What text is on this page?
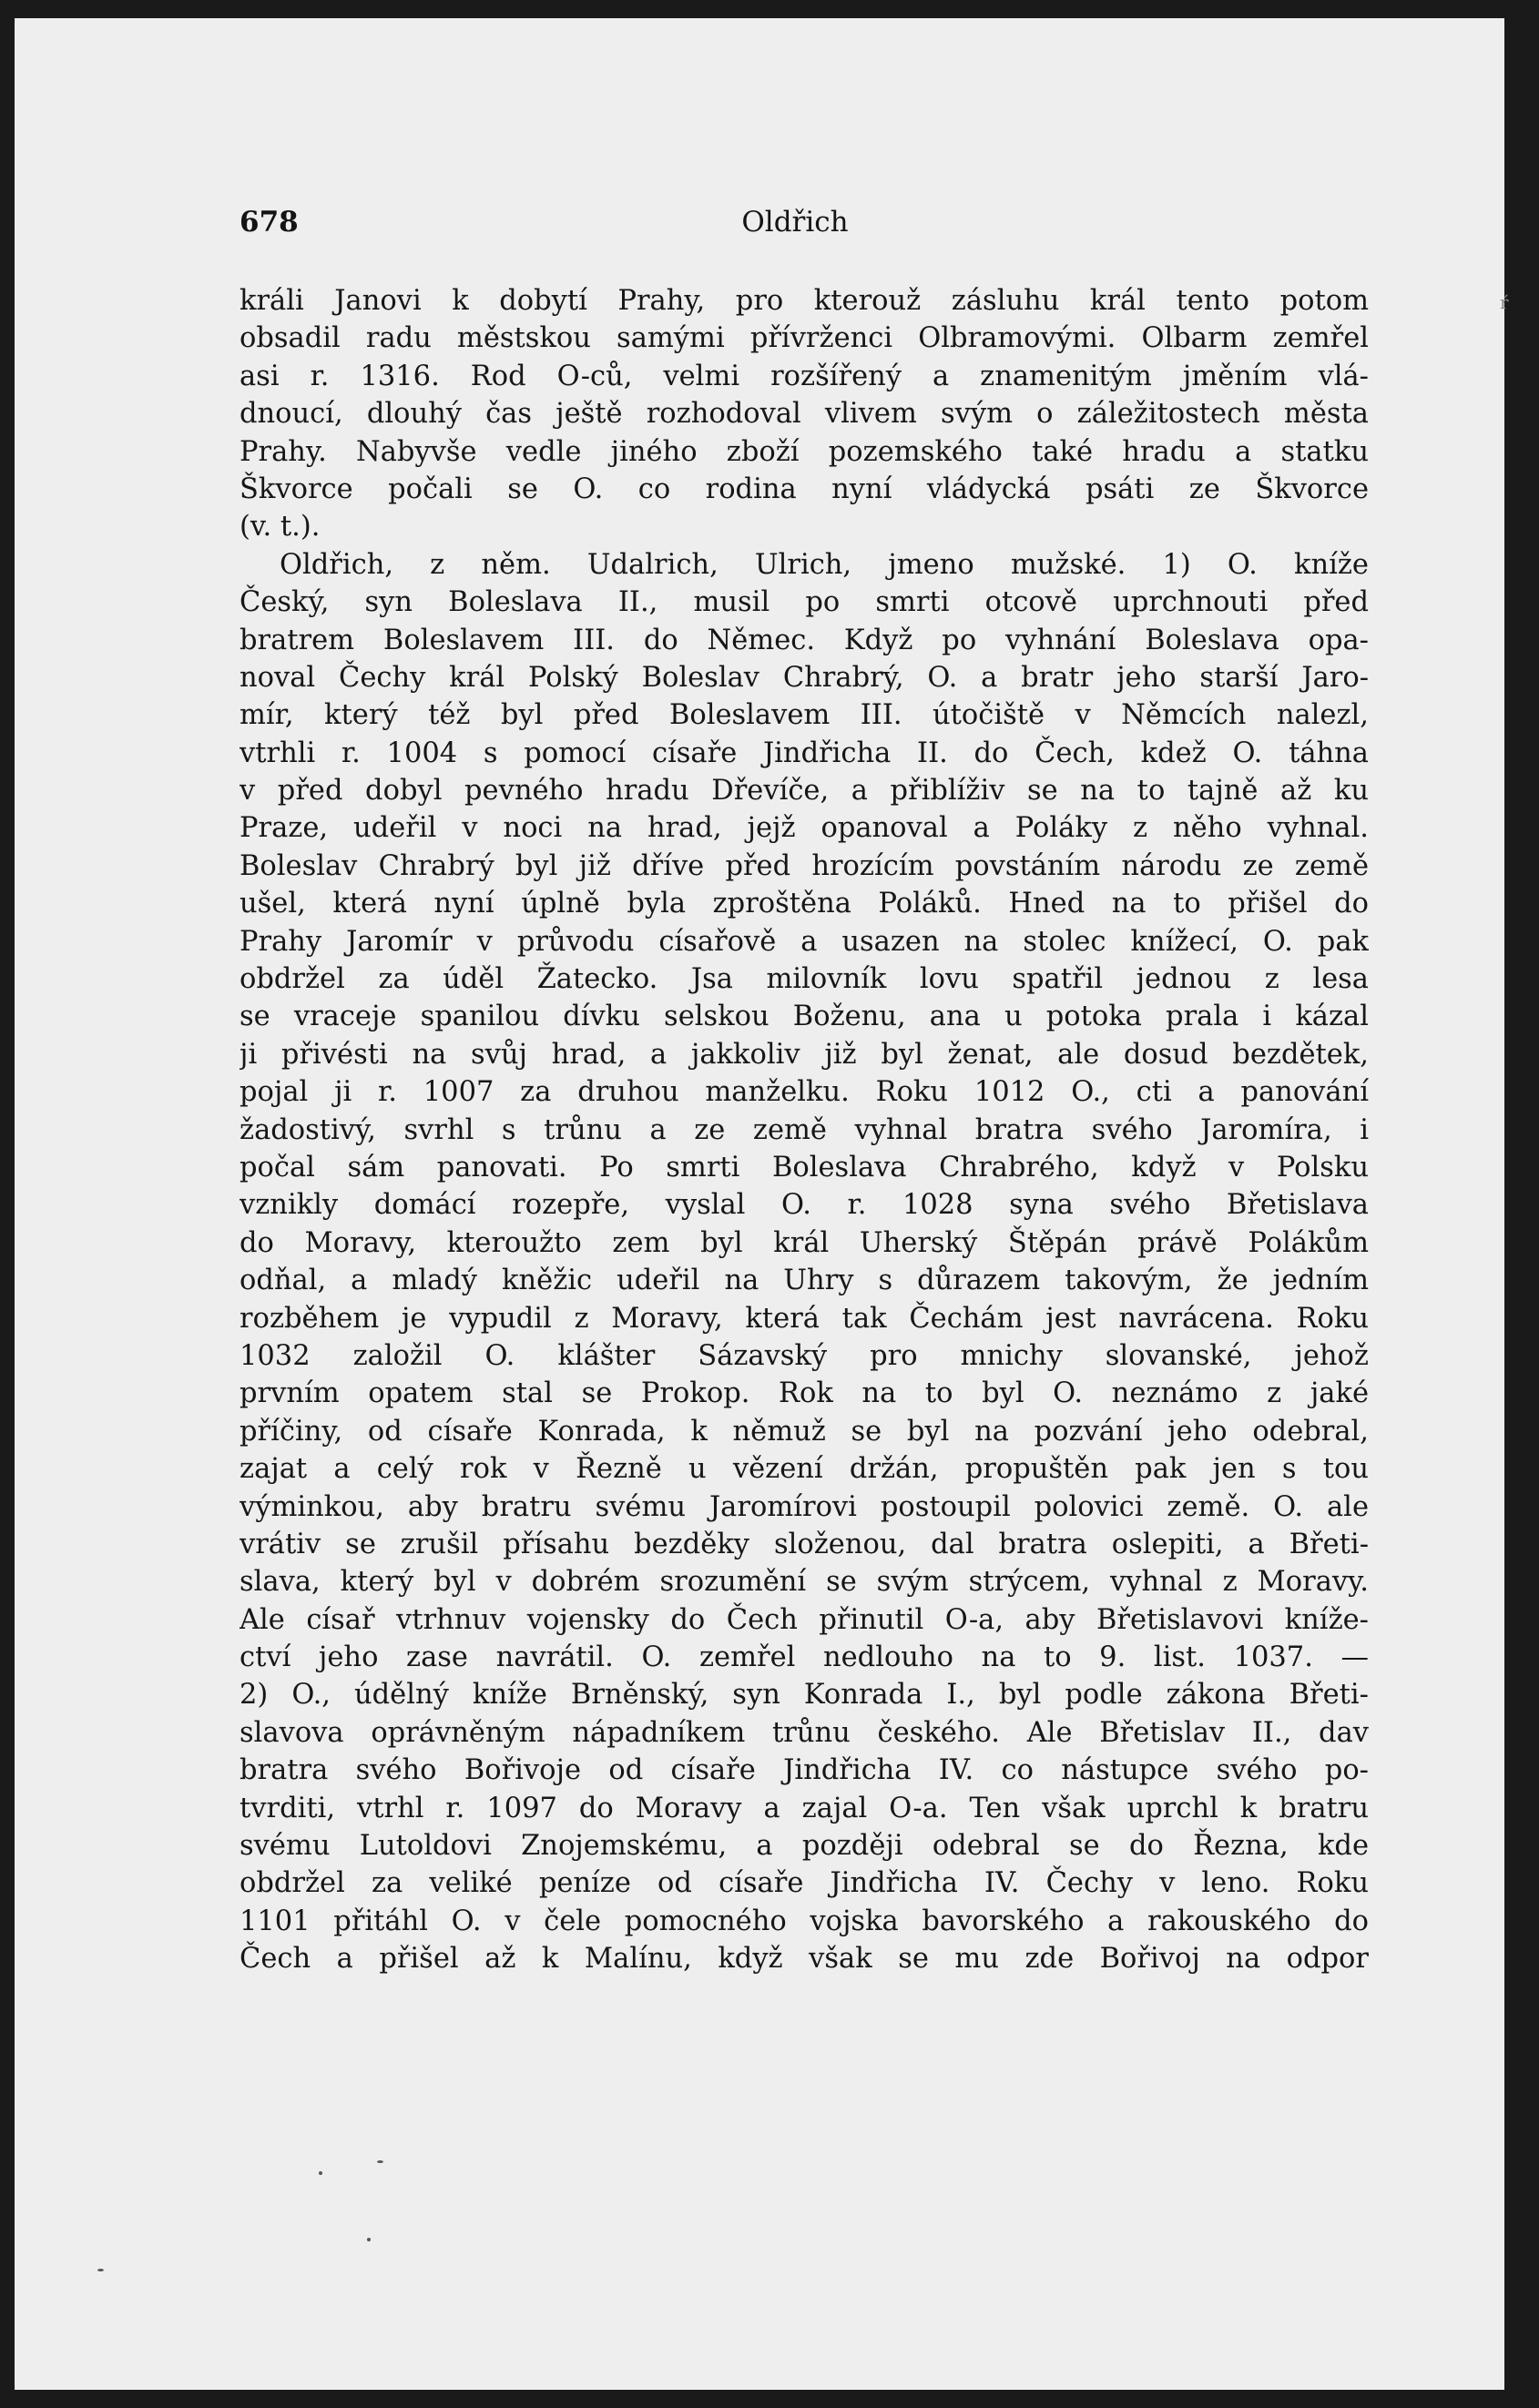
678	Oldřich
ŕ
králi Janovi k dobytí Prahy, pro kterouž zásluhu král tento potom
obsadil radu městskou samými přívrženci Olbramovými. Olbarm zemřel
asi r. 1316. Rod O-ců, velmi rozšířený a znamenitým jměním vlá-
dnoucí, dlouhý čas ještě rozhodoval vlivem svým o záležitostech města
Prahy. Nabyvše vedle jiného zboží pozemského také hradu a statku
Škvorce počali se O. co rodina nyní vládycká psáti ze Škvorce
(v. t.).
Oldřich, z něm. Udalrich, Ulrich, jmeno mužské. 1) O. kníže
Český, syn Boleslava II., musil po smrti otcově uprchnouti před
bratrem Boleslavem III. do Němec. Když po vyhnání Boleslava opa-
noval Čechy král Polský Boleslav Chrabrý, O. a bratr jeho starší Jaro-
mír, který též byl před Boleslavem III. útočiště v Němcích nalezl,
vtrhli r. 1004 s pomocí císaře Jindřicha II. do Čech, kdež O. táhna
v před dobyl pevného hradu Dřevíče, a přiblíživ se na to tajně až ku
Praze, udeřil v noci na hrad, jejž opanoval a Poláky z něho vyhnal.
Boleslav Chrabrý byl již dříve před hrozícím povstáním národu ze země
ušel, která nyní úplně byla zproštěna Poláků. Hned na to přišel do
Prahy Jaromír v průvodu císařově a usazen na stolec knížecí, O. pak
obdržel za úděl Žatecko. Jsa milovník lovu spatřil jednou z lesa
se vraceje spanilou dívku selskou Boženu, ana u potoka prala i kázal
ji přivésti na svůj hrad, a jakkoliv již byl ženat, ale dosud bezdětek,
pojal ji r. 1007 za druhou manželku. Roku 1012 O., cti a panování
žadostivý, svrhl s trůnu a ze země vyhnal bratra svého Jaromíra, i
počal sám panovati. Po smrti Boleslava Chrabrého, když v Polsku
vznikly domácí rozepře, vyslal O. r. 1028 syna svého Břetislava
do Moravy, kteroužto zem byl král Uherský Štěpán právě Polákům
odňal, a mladý kněžic udeřil na Uhry s důrazem takovým, že jedním
rozběhem je vypudil z Moravy, která tak Čechám jest navrácena. Roku
1032 založil O. klášter Sázavský pro mnichy slovanské, jehož
prvním opatem stal se Prokop. Rok na to byl O. neznámo z jaké
příčiny, od císaře Konrada, k němuž se byl na pozvání jeho odebral,
zajat a celý rok v Řezně u vězení držán, propuštěn pak jen s tou
výminkou, aby bratru svému Jaromírovi postoupil polovici země. O. ale
vrátiv se zrušil přísahu bezděky složenou, dal bratra oslepiti, a Břeti-
slava, který byl v dobrém srozumění se svým strýcem, vyhnal z Moravy.
Ale císař vtrhnuv vojensky do Čech přinutil O-a, aby Břetislavovi kníže-
ctví jeho zase navrátil. O. zemřel nedlouho na to 9. list. 1037. —
2) O., údělný kníže Brněnský, syn Konrada I., byl podle zákona Břeti-
slavova oprávněným nápadníkem trůnu českého. Ale Břetislav II., dav
bratra svého Bořivoje od císaře Jindřicha IV. co nástupce svého po-
tvrditi, vtrhl r. 1097 do Moravy a zajal O-a. Ten však uprchl k bratru
svému Lutoldovi Znojemskému, a později odebral se do Řezna, kde
obdržel za veliké peníze od císaře Jindřicha IV. Čechy v leno. Roku
1101 přitáhl O. v čele pomocného vojska bavorského a rakouského do
Čech a přišel až k Malínu, když však se mu zde Bořivoj na odpor
